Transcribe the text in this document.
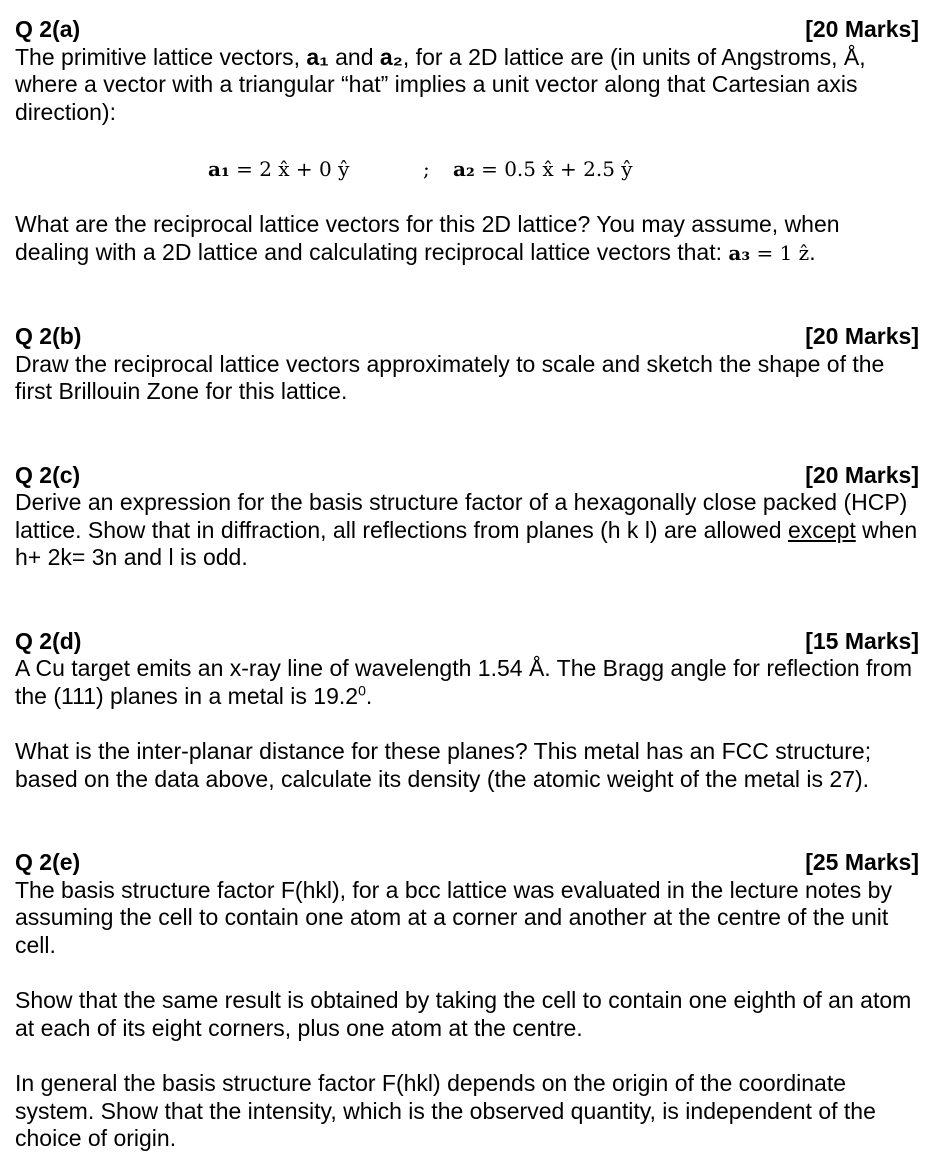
Q 2(a)	[20 Marks]

The primitive lattice vectors, a₁ and a₂, for a 2D lattice are (in units of Angstroms, Å, where a vector with a triangular “hat” implies a unit vector along that Cartesian axis direction):

a₁ = 2 x̂ + 0 ŷ	; a₂ = 0.5 x̂ + 2.5 ŷ

What are the reciprocal lattice vectors for this 2D lattice? You may assume, when dealing with a 2D lattice and calculating reciprocal lattice vectors that: a₃ = 1 ẑ.

Q 2(b)	[20 Marks]

Draw the reciprocal lattice vectors approximately to scale and sketch the shape of the first Brillouin Zone for this lattice.

Q 2(c)	[20 Marks]

Derive an expression for the basis structure factor of a hexagonally close packed (HCP) lattice. Show that in diffraction, all reflections from planes (h k l) are allowed except when h+ 2k= 3n and l is odd.

Q 2(d)	[15 Marks]

A Cu target emits an x-ray line of wavelength 1.54 Å. The Bragg angle for reflection from the (111) planes in a metal is 19.2$^0$.

What is the inter-planar distance for these planes? This metal has an FCC structure; based on the data above, calculate its density (the atomic weight of the metal is 27).

Q 2(e)	[25 Marks]

The basis structure factor F(hkl), for a bcc lattice was evaluated in the lecture notes by assuming the cell to contain one atom at a corner and another at the centre of the unit cell.

Show that the same result is obtained by taking the cell to contain one eighth of an atom at each of its eight corners, plus one atom at the centre.

In general the basis structure factor F(hkl) depends on the origin of the coordinate system. Show that the intensity, which is the observed quantity, is independent of the choice of origin.
